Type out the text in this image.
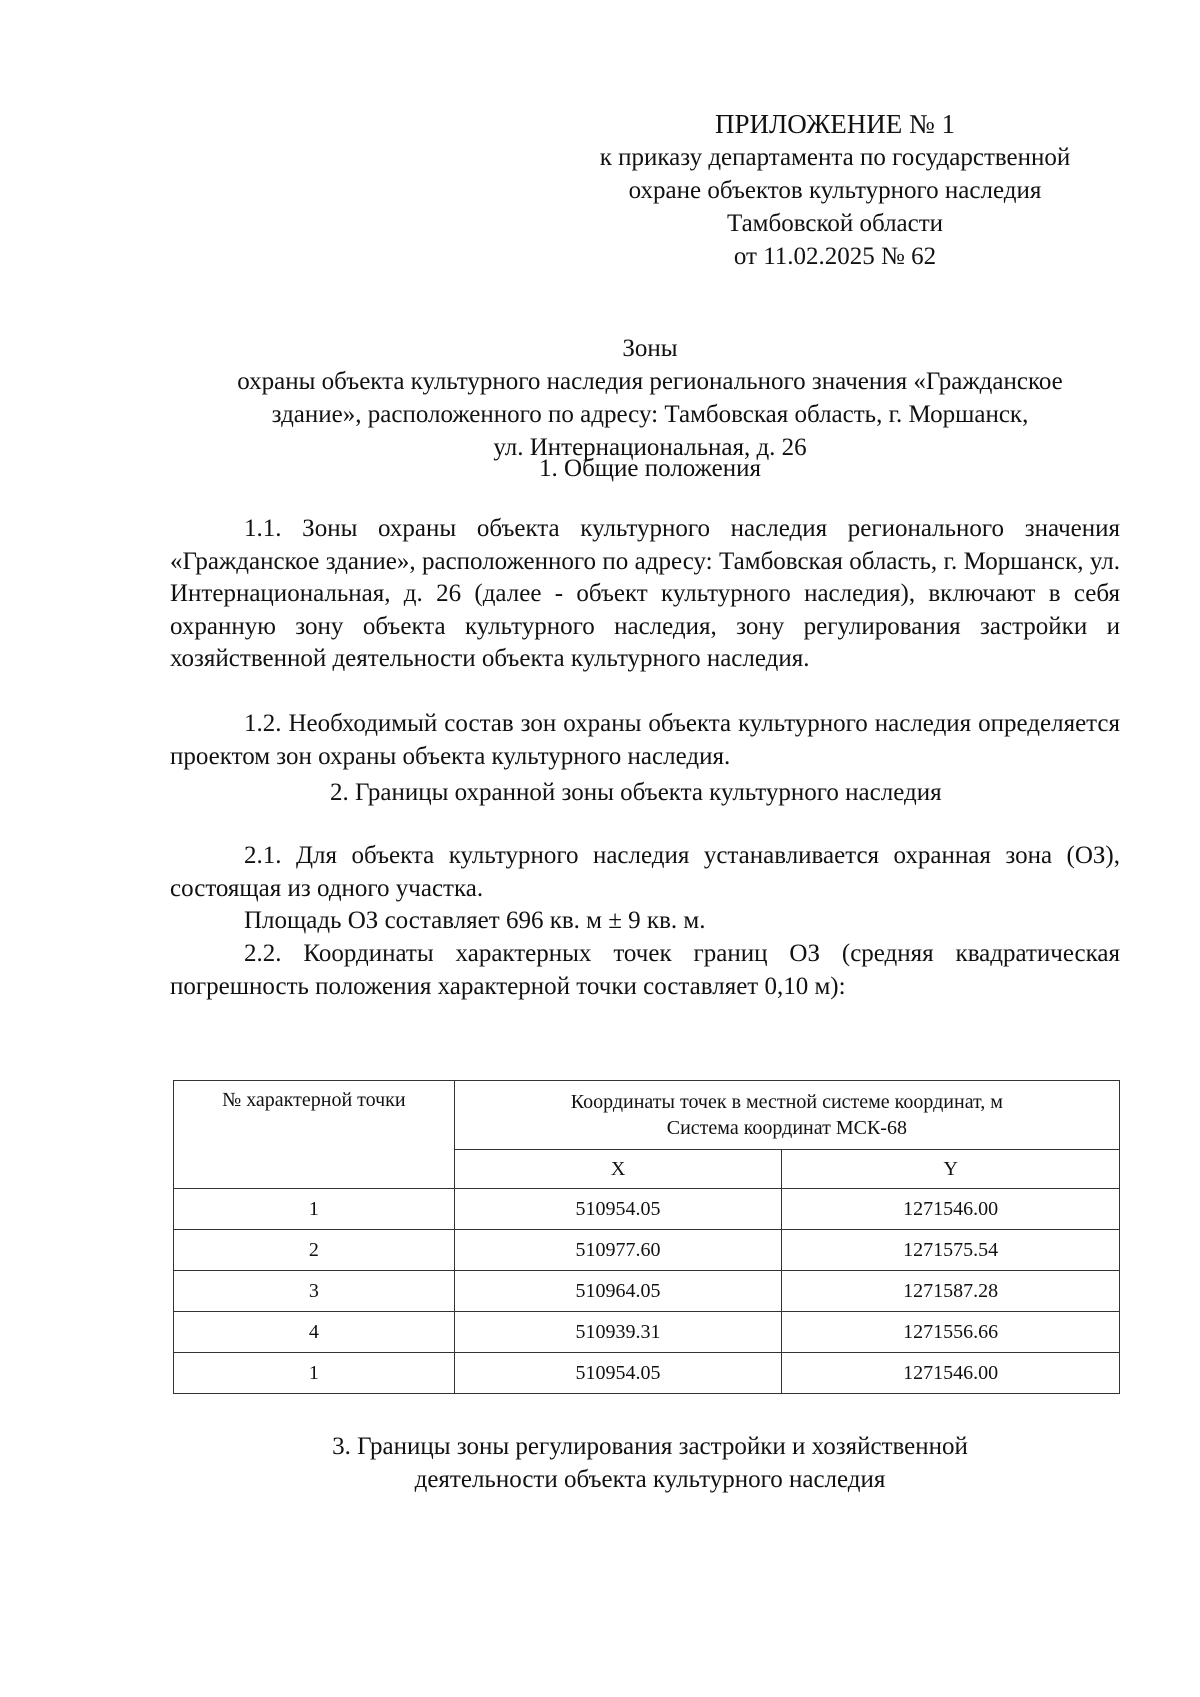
ПРИЛОЖЕНИЕ № 1
к приказу департамента по государственной
охране объектов культурного наследия
Тамбовской области
от 11.02.2025 № 62
Зоны
охраны объекта культурного наследия регионального значения «Гражданское
здание», расположенного по адресу: Тамбовская область, г. Моршанск,
ул. Интернациональная, д. 26
1. Общие положения

1.1. Зоны охраны объекта культурного наследия регионального значения «Гражданское здание», расположенного по адресу: Тамбовская область, г. Моршанск, ул. Интернациональная, д. 26 (далее - объект культурного наследия), включают в себя охранную зону объекта культурного наследия, зону регулирования застройки и хозяйственной деятельности объекта культурного наследия.

1.2. Необходимый состав зон охраны объекта культурного наследия определяется проектом зон охраны объекта культурного наследия.

2. Границы охранной зоны объекта культурного наследия

2.1. Для объекта культурного наследия устанавливается охранная зона (ОЗ), состоящая из одного участка.

Площадь ОЗ составляет 696 кв. м ± 9 кв. м.

2.2. Координаты характерных точек границ ОЗ (средняя квадратическая погрешность положения характерной точки составляет 0,10 м):

№ характерной точки	Координаты точек в местной системе координат, м
Система координат МСК-68	

	X	Y
1	510954.05	1271546.00
2	510977.60	1271575.54
3	510964.05	1271587.28
4	510939.31	1271556.66
1	510954.05	1271546.00
3. Границы зоны регулирования застройки и хозяйственной
деятельности объекта культурного наследия
